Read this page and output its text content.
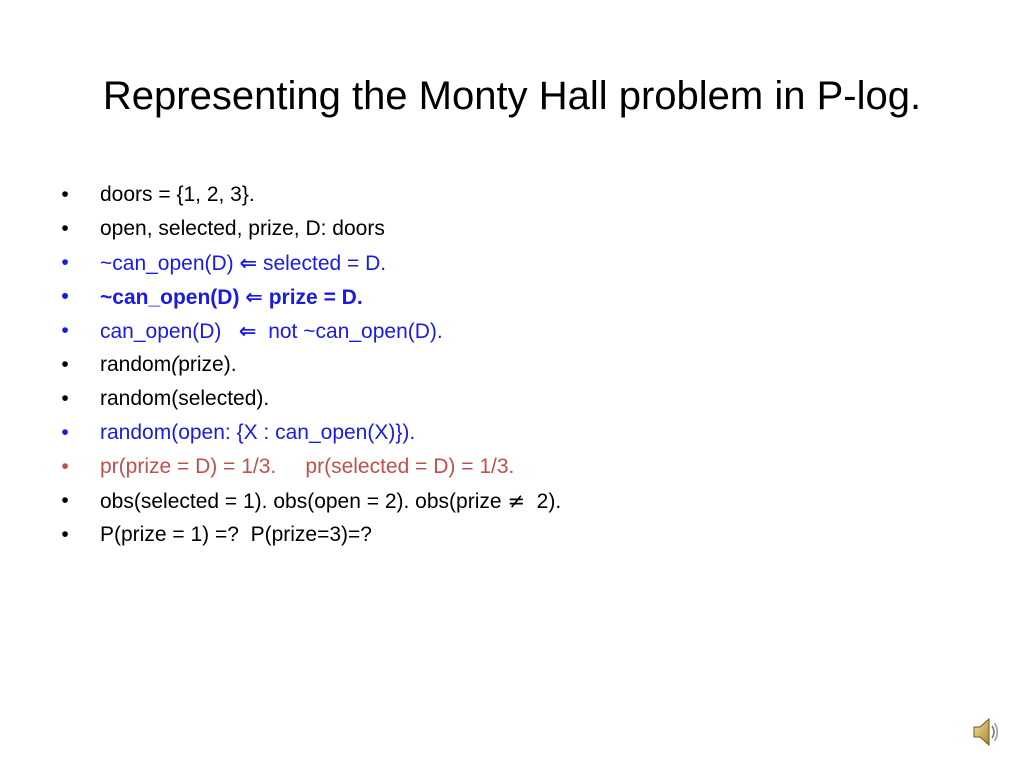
Representing the Monty Hall problem in P-log.

•

doors = {1, 2, 3}.

•

open, selected, prize, D: doors

•

~can_open(D) ⇐ selected = D.

•

~can_open(D) ⇐ prize = D.

•

can_open(D)   ⇐  not ~can_open(D).

•

random(prize).

•

random(selected).

•

random(open: {X : can_open(X)}).

•

pr(prize = D) = 1/3.     pr(selected = D) = 1/3.

•

obs(selected = 1). obs(open = 2). obs(prize ≠  2).

•

P(prize = 1) =?  P(prize=3)=?
